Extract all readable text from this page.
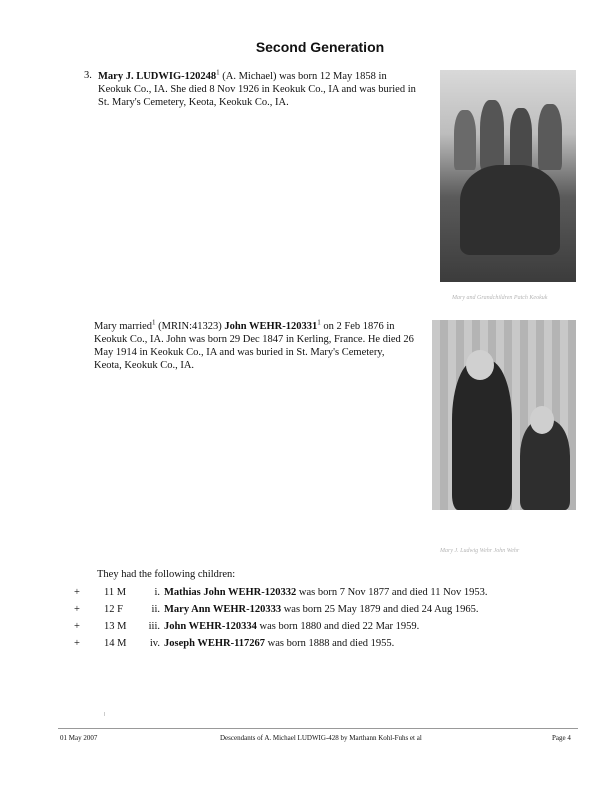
Second Generation
3. Mary J. LUDWIG-120248$^1$ (A. Michael) was born 12 May 1858 in Keokuk Co., IA. She died 8 Nov 1926 in Keokuk Co., IA and was buried in St. Mary's Cemetery, Keota, Keokuk Co., IA.
Mary and Grandchildren Patch Keokuk
Mary married$^1$ (MRIN:41323) John WEHR-120331$^1$ on 2 Feb 1876 in Keokuk Co., IA. John was born 29 Dec 1847 in Kerling, France. He died 26 May 1914 in Keokuk Co., IA and was buried in St. Mary's Cemetery, Keota, Keokuk Co., IA.
Mary J. Ludwig Wehr John Wehr
They had the following children:
+ 11 M	i. Mathias John WEHR-120332 was born 7 Nov 1877 and died 11 Nov 1953.
+ 12 F	ii. Mary Ann WEHR-120333 was born 25 May 1879 and died 24 Aug 1965.
+ 13 M	iii. John WEHR-120334 was born 1880 and died 22 Mar 1959.
+ 14 M	iv. Joseph WEHR-117267 was born 1888 and died 1955.
01 May 2007	Descendants of A. Michael LUDWIG-428 by Marthann Kohl-Fuhs et al	Page 4
